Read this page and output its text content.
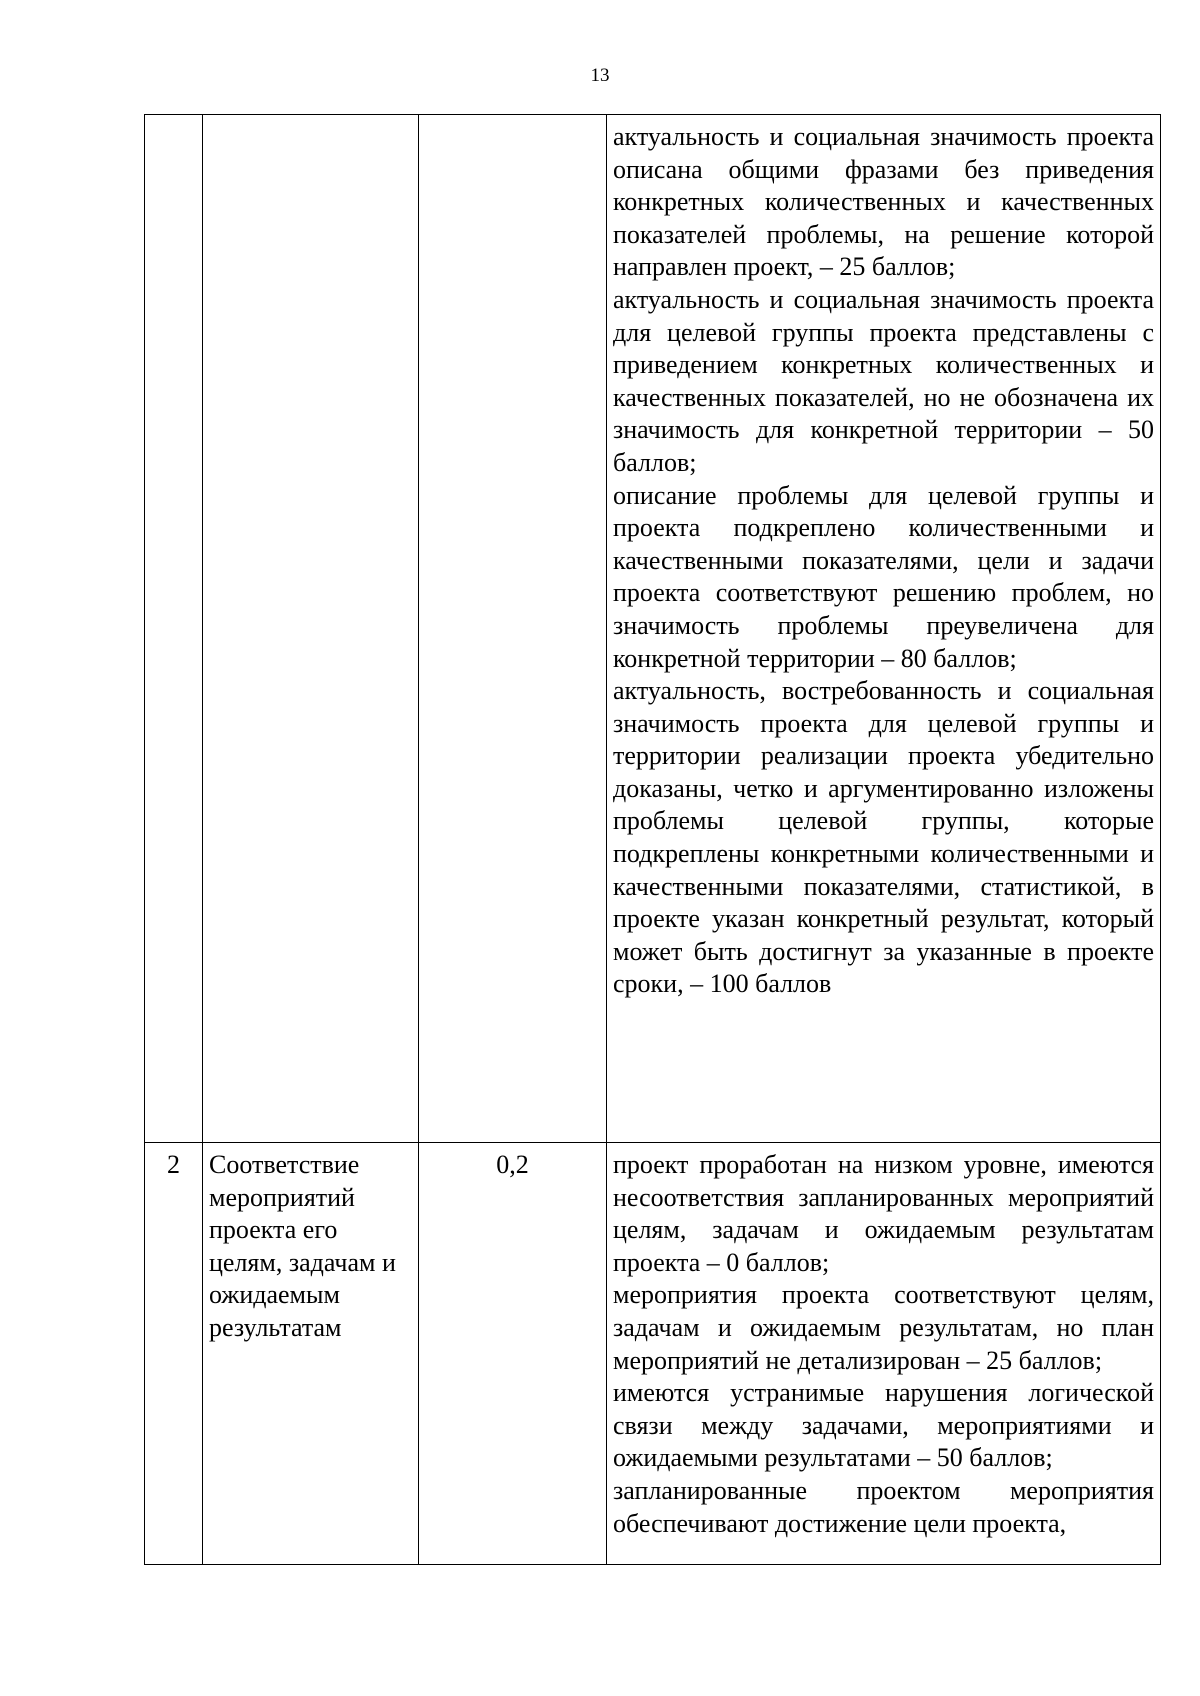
13

			актуальность и социальная значимость проекта описана общими фразами без приведения конкретных количественных и качественных показателей проблемы, на решение которой направлен проект, – 25 баллов;
актуальность и социальная значимость проекта для целевой группы проекта представлены с приведением конкретных количественных и качественных показателей, но не обозначена их значимость для конкретной территории – 50 баллов;
описание проблемы для целевой группы и проекта подкреплено количественными и качественными показателями, цели и задачи проекта соответствуют решению проблем, но значимость проблемы преувеличена для конкретной территории – 80 баллов;
актуальность, востребованность и социальная значимость проекта для целевой группы и территории реализации проекта убедительно доказаны, четко и аргументированно изложены проблемы целевой группы, которые подкреплены конкретными количественными и качественными показателями, статистикой, в проекте указан конкретный результат, который может быть достигнут за указанные в проекте сроки, – 100 баллов

2	Соответствие мероприятий проекта его целям, задачам и ожидаемым результатам	0,2	проект проработан на низком уровне, имеются несоответствия запланированных мероприятий целям, задачам и ожидаемым результатам проекта – 0 баллов;
мероприятия проекта соответствуют целям, задачам и ожидаемым результатам, но план мероприятий не детализирован – 25 баллов;
имеются устранимые нарушения логической связи между задачами, мероприятиями и ожидаемыми результатами – 50 баллов;
запланированные проектом мероприятия обеспечивают достижение цели проекта,
